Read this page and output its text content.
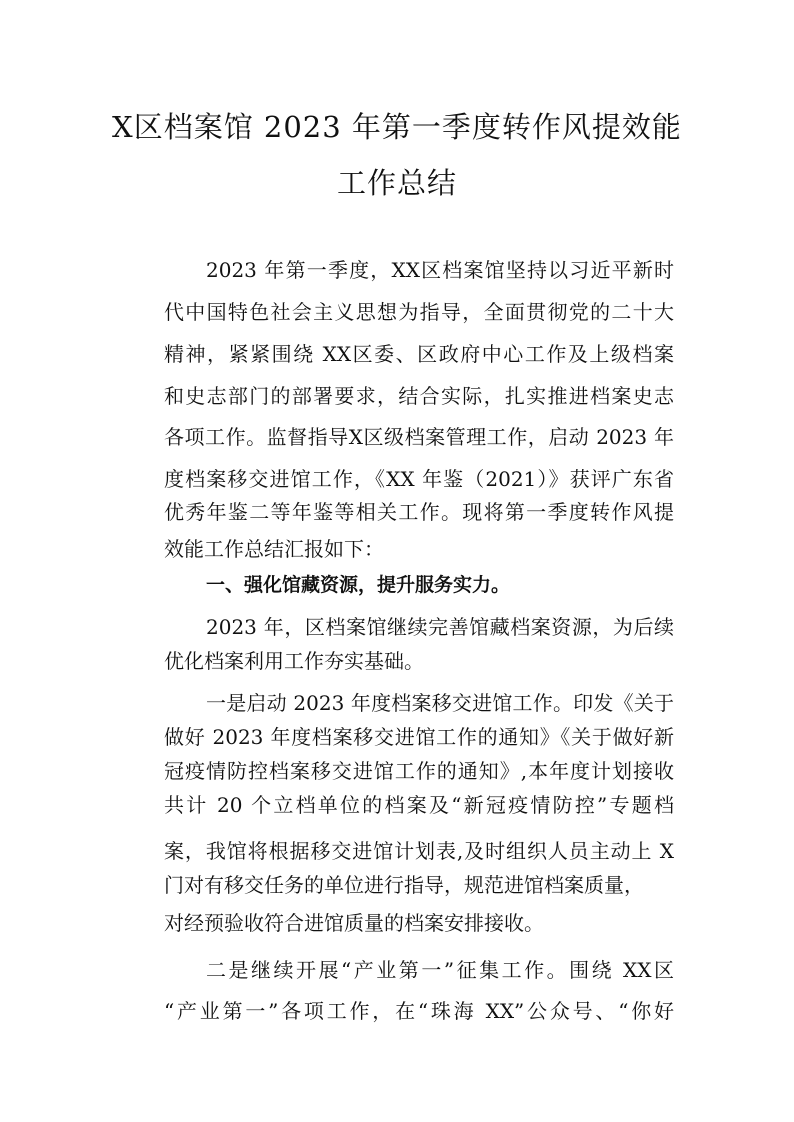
X区档案馆 2023 年第一季度转作风提效能
工作总结
2023 年第一季度，XX区档案馆坚持以习近平新时
代中国特色社会主义思想为指导，全面贯彻党的二十大
精神，紧紧围绕 XX区委、区政府中心工作及上级档案
和史志部门的部署要求，结合实际，扎实推进档案史志
各项工作。监督指导X区级档案管理工作，启动 2023 年
度档案移交进馆工作，《XX 年鉴（2021）》获评广东省
优秀年鉴二等年鉴等相关工作。现将第一季度转作风提
效能工作总结汇报如下：
一、强化馆藏资源，提升服务实力。
2023 年，区档案馆继续完善馆藏档案资源，为后续
优化档案利用工作夯实基础。
一是启动 2023 年度档案移交进馆工作。印发《关于
做好 2023 年度档案移交进馆工作的通知》《关于做好新
冠疫情防控档案移交进馆工作的通知》,本年度计划接收
共计 20 个立档单位的档案及“新冠疫情防控”专题档
案，我馆将根据移交进馆计划表,及时组织人员主动上 X
门对有移交任务的单位进行指导，规范进馆档案质量，
对经预验收符合进馆质量的档案安排接收。
二是继续开展“产业第一”征集工作。围绕 XX区
“产业第一”各项工作，在“珠海 XX”公众号、“你好
